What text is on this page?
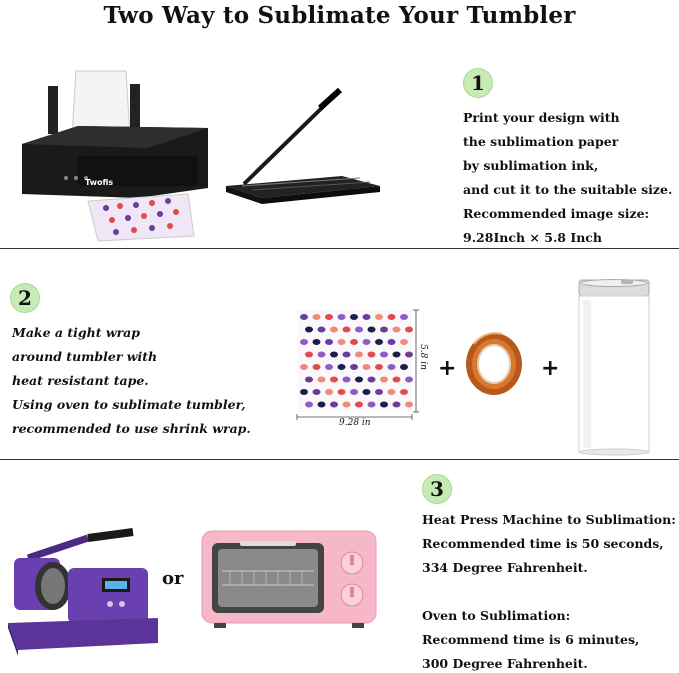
Two Way to Sublimate Your Tumbler
Twofis
1
Print your design with
the sublimation paper
by sublimation ink,
and cut it to the suitable size.
Recommended image size:
9.28Inch × 5.8 Inch
2
Make a tight wrap
around tumbler with
heat resistant tape.
Using oven to sublimate tumbler,
recommended to use shrink wrap.	9.28 in
5.8 in +	+
or
3
Heat Press Machine to Sublimation:
Recommended time is 50 seconds,
334 Degree Fahrenheit.
Oven to Sublimation:
Recommend time is 6 minutes,
300 Degree Fahrenheit.
